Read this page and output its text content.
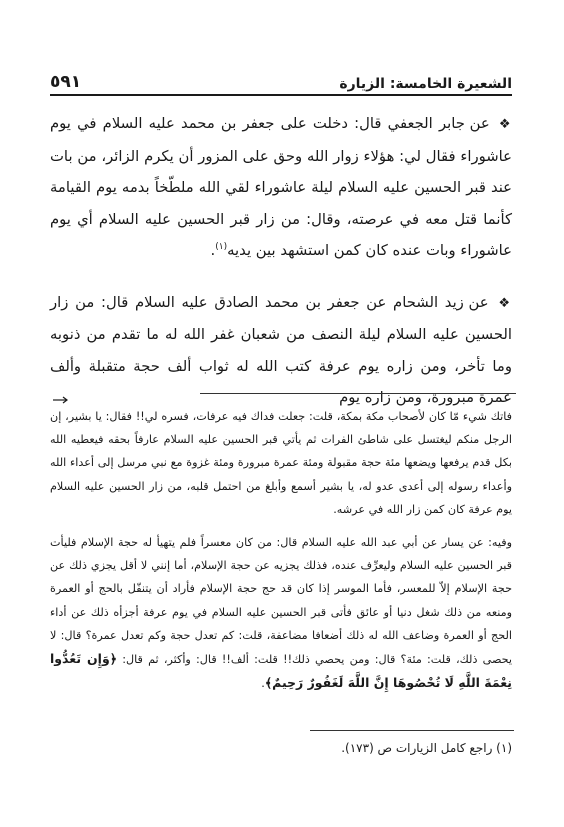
الشعيرة الخامسة: الزيارة
٥٩١

❖ عن جابر الجعفي قال: دخلت على جعفر بن محمد عليه السلام في يوم عاشوراء فقال لي: هؤلاء زوار الله وحق على المزور أن يكرم الزائر، من بات عند قبر الحسين عليه السلام ليلة عاشوراء لقي الله ملطّخاً بدمه يوم القيامة كأنما قتل معه في عرصته، وقال: من زار قبر الحسين عليه السلام أي يوم عاشوراء وبات عنده كان كمن استشهد بين يديه$^{(١)}$.

❖ عن زيد الشحام عن جعفر بن محمد الصادق عليه السلام قال: من زار الحسين عليه السلام ليلة النصف من شعبان غفر الله له ما تقدم من ذنوبه وما تأخر، ومن زاره يوم عرفة كتب الله له ثواب ألف حجة متقبلة وألف عمرة مبرورة، ومن زاره يوم

فاتك شيء مّا كان لأصحاب مكة بمكة، قلت: جعلت فداك فيه عرفات، فسره لي!! فقال: يا بشير، إن الرجل منكم ليغتسل على شاطئ الفرات ثم يأتي قبر الحسين عليه السلام عارفاً بحقه فيعطيه الله بكل قدم يرفعها ويضعها مئة حجة مقبولة ومئة عمرة مبرورة ومئة غزوة مع نبي مرسل إلى أعداء الله وأعداء رسوله إلى أعدى عدو له، يا بشير أسمع وأبلغ من احتمل قلبه، من زار الحسين عليه السلام يوم عرفة كان كمن زار الله في عرشه.

وفيه: عن يسار عن أبي عبد الله عليه السلام قال: من كان معسراً فلم يتهيأ له حجة الإسلام فليأت قبر الحسين عليه السلام وليعرِّف عنده، فذلك يجزيه عن حجة الإسلام، أما إنني لا أقل يجزي ذلك عن حجة الإسلام إلاّ للمعسر، فأما الموسر إذا كان قد حج حجة الإسلام فأراد أن يتنفّل بالحج أو العمرة ومنعه من ذلك شغل دنيا أو عائق فأتى قبر الحسين عليه السلام في يوم عرفة أجزأه ذلك عن أداء الحج أو العمرة وضاعف الله له ذلك أضعافا مضاعفة، قلت: كم تعدل حجة وكم تعدل عمرة؟ قال: لا يحصى ذلك، قلت: مئة؟ قال: ومن يحصي ذلك!! قلت: ألف!! قال: وأكثر، ثم قال: ﴿وَإِن تَعُدُّوا نِعْمَةَ اللَّهِ لَا تُحْصُوهَا إِنَّ اللَّهَ لَغَفُورٌ رَحِيمٌ﴾.

(١) راجع كامل الزيارات ص (١٧٣).
